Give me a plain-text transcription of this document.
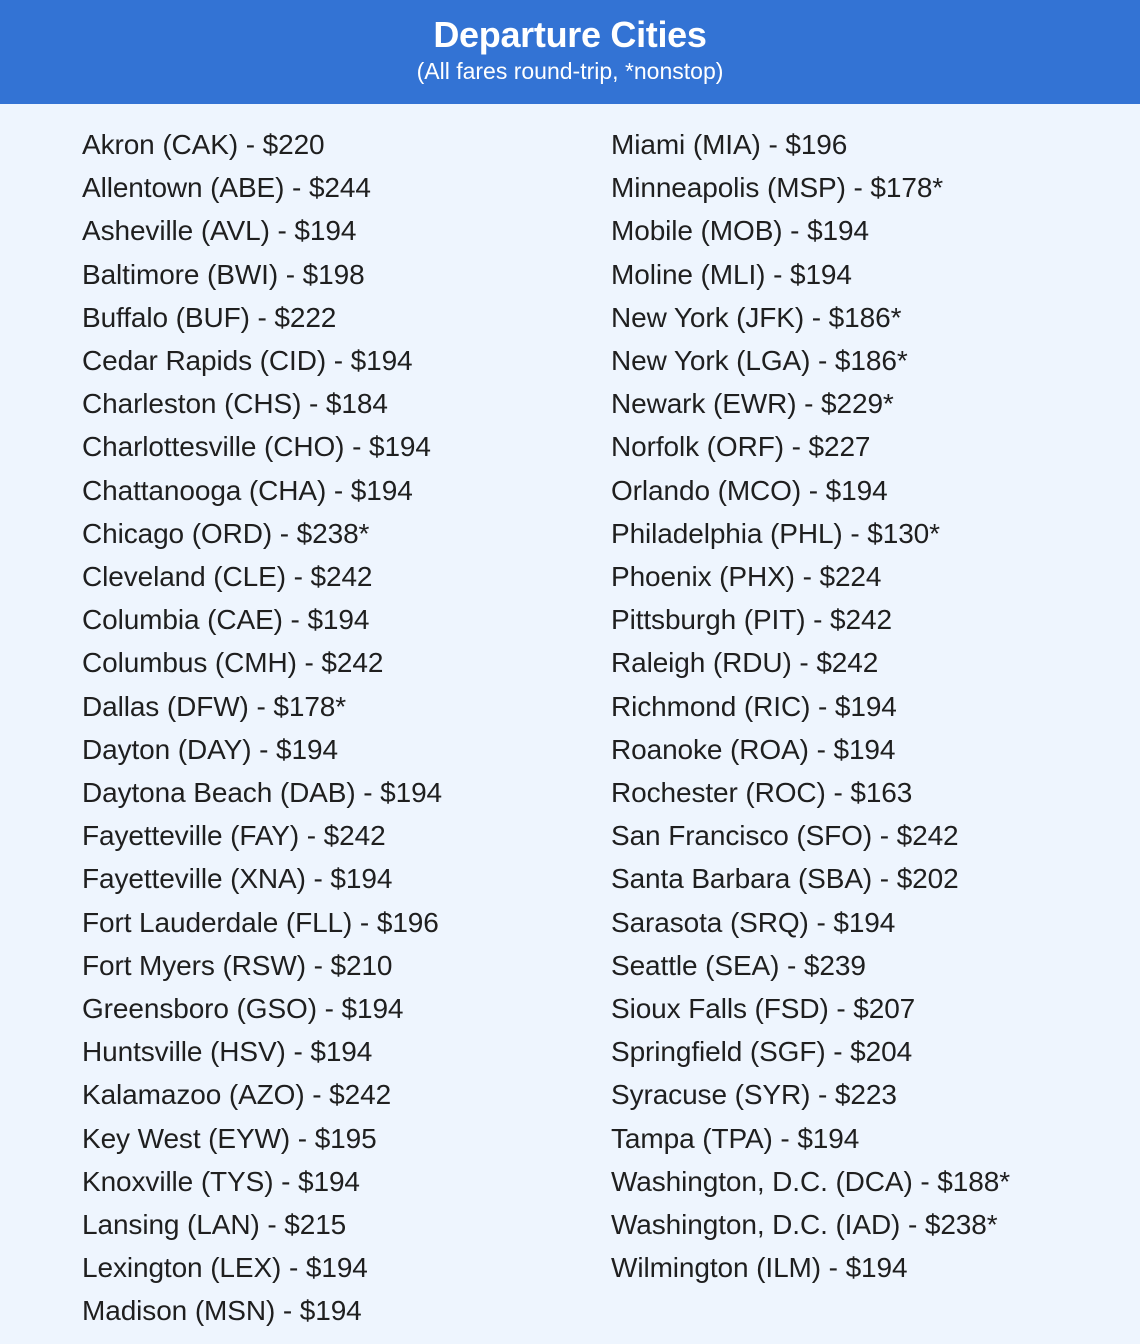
Departure Cities
(All fares round-trip, *nonstop)
Akron (CAK) - $220
Allentown (ABE) - $244
Asheville (AVL) - $194
Baltimore (BWI) - $198
Buffalo (BUF) - $222
Cedar Rapids (CID) - $194
Charleston (CHS) - $184
Charlottesville (CHO) - $194
Chattanooga (CHA) - $194
Chicago (ORD) - $238*
Cleveland (CLE) - $242
Columbia (CAE) - $194
Columbus (CMH) - $242
Dallas (DFW) - $178*
Dayton (DAY) - $194
Daytona Beach (DAB) - $194
Fayetteville (FAY) - $242
Fayetteville (XNA) - $194
Fort Lauderdale (FLL) - $196
Fort Myers (RSW) - $210
Greensboro (GSO) - $194
Huntsville (HSV) - $194
Kalamazoo (AZO) - $242
Key West (EYW) - $195
Knoxville (TYS) - $194
Lansing (LAN) - $215
Lexington (LEX) - $194
Madison (MSN) - $194
Miami (MIA) - $196
Minneapolis (MSP) - $178*
Mobile (MOB) - $194
Moline (MLI) - $194
New York (JFK) - $186*
New York (LGA) - $186*
Newark (EWR) - $229*
Norfolk (ORF) - $227
Orlando (MCO) - $194
Philadelphia (PHL) - $130*
Phoenix (PHX) - $224
Pittsburgh (PIT) - $242
Raleigh (RDU) - $242
Richmond (RIC) - $194
Roanoke (ROA) - $194
Rochester (ROC) - $163
San Francisco (SFO) - $242
Santa Barbara (SBA) - $202
Sarasota (SRQ) - $194
Seattle (SEA) - $239
Sioux Falls (FSD) - $207
Springfield (SGF) - $204
Syracuse (SYR) - $223
Tampa (TPA) - $194
Washington, D.C. (DCA) - $188*
Washington, D.C. (IAD) - $238*
Wilmington (ILM) - $194
